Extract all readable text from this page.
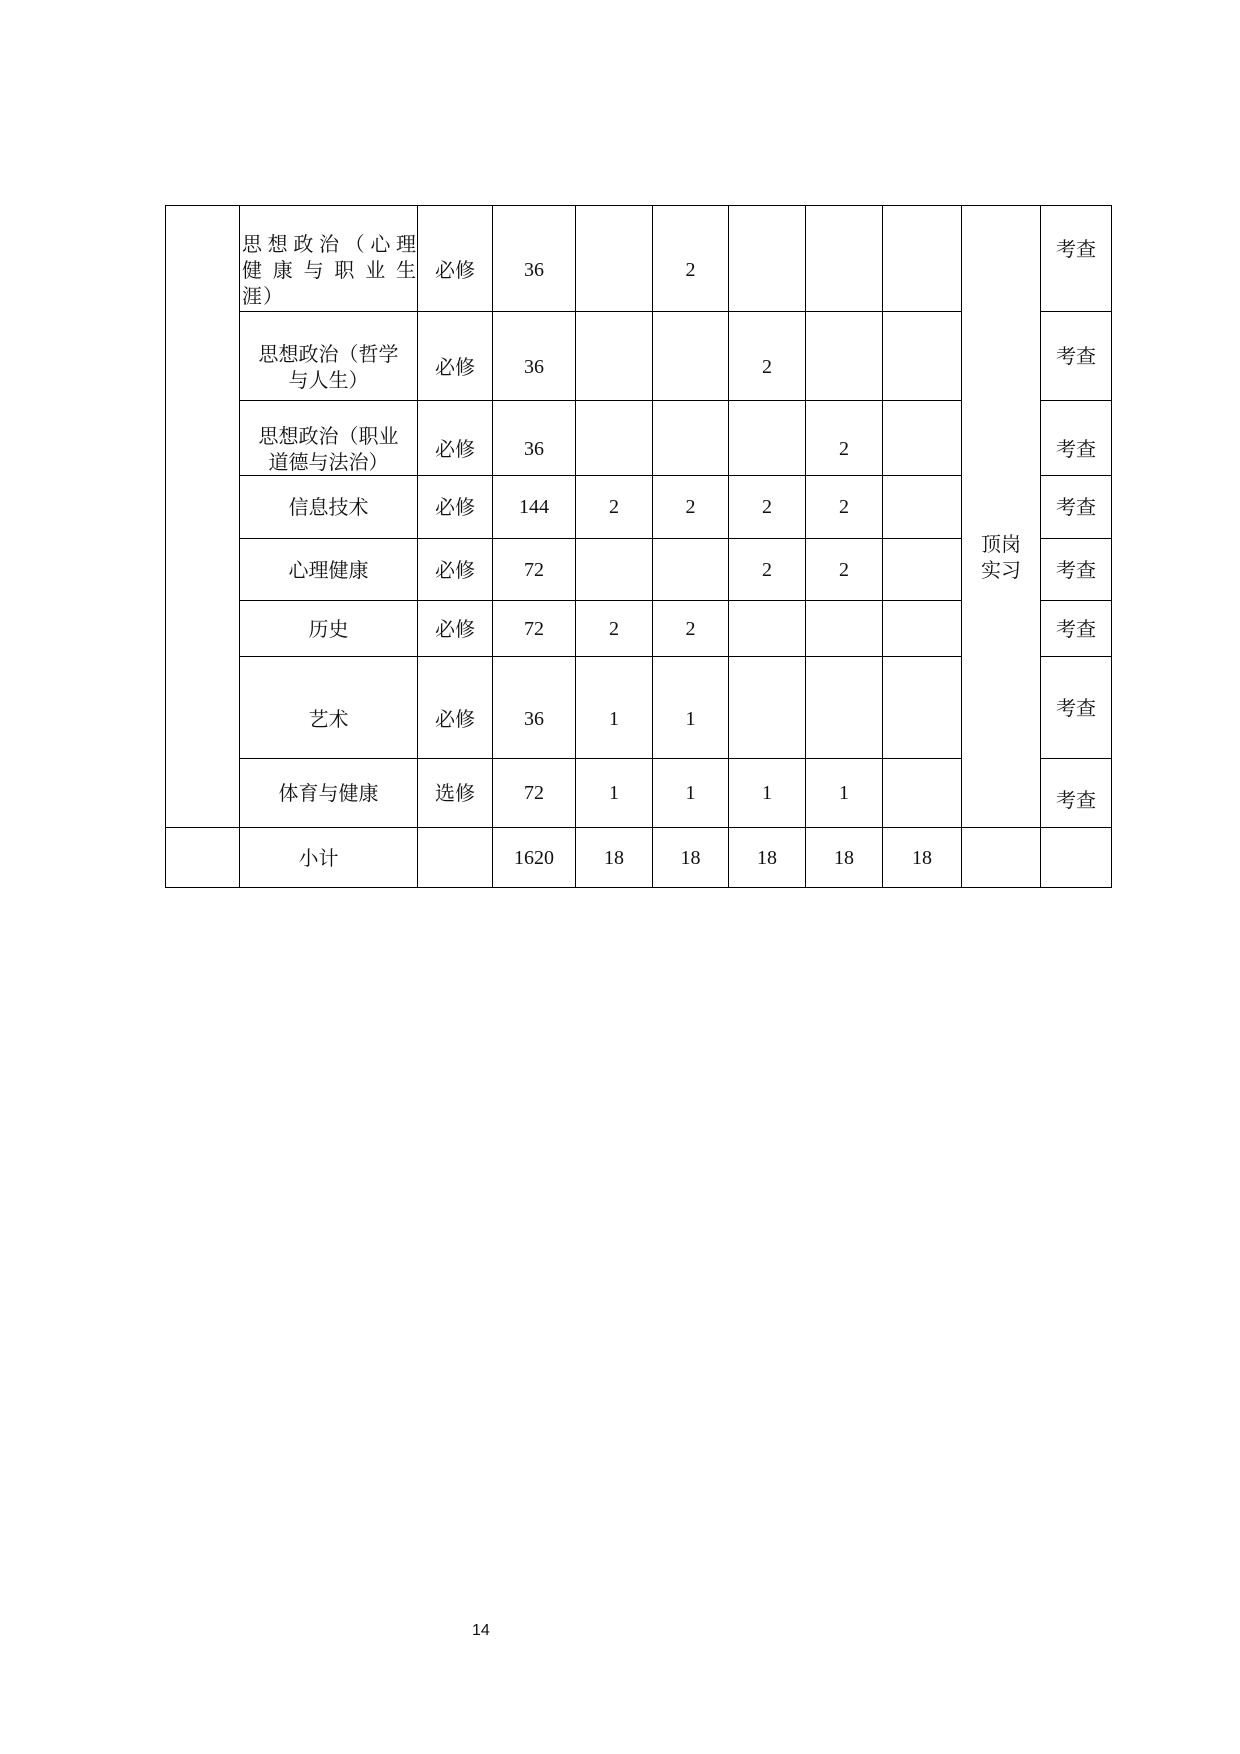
	思想政治（心理
健康与职业生
涯）	必修	36		2				顶岗
实习	考查
	思想政治（哲学
与人生）	必修	36			2				考查
	思想政治（职业
道德与法治）	必修	36				2			考查
	信息技术	必修	144	2	2	2	2			考查
	心理健康	必修	72			2	2			考查
	历史	必修	72	2	2					考查
	艺术	必修	36	1	1					考查
	体育与健康	选修	72	1	1	1	1			考查
	小计		1620	18	18	18	18	18		
14
